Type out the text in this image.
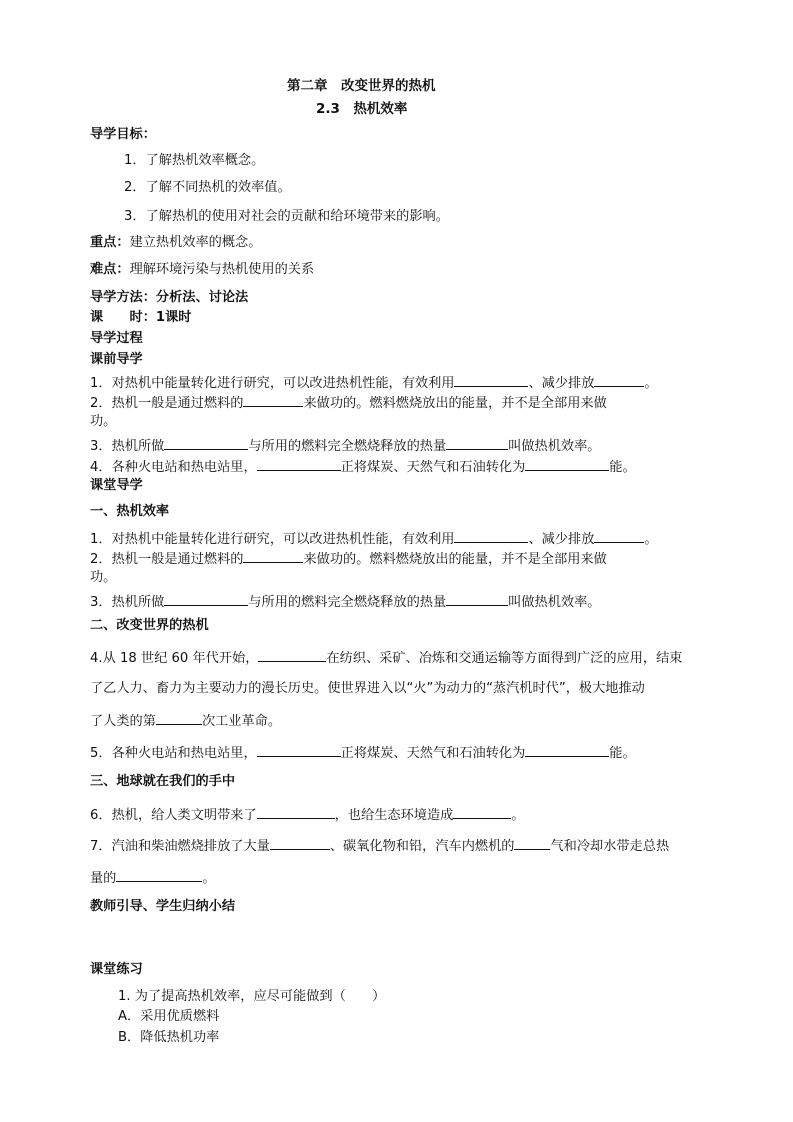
第二章　改变世界的热机
2.3　热机效率
导学目标：
1．了解热机效率概念。
2．了解不同热机的效率值。
3．了解热机的使用对社会的贡献和给环境带来的影响。
重点：建立热机效率的概念。
难点：理解环境污染与热机使用的关系
导学方法：分析法、讨论法
课　　时：1课时
导学过程
课前导学
1．对热机中能量转化进行研究，可以改进热机性能，有效利用	、减少排放	。
2．热机一般是通过燃料的	来做功的。燃料燃烧放出的能量，并不是全部用来做
功。
3．热机所做	与所用的燃料完全燃烧释放的热量	叫做热机效率。
4．各种火电站和热电站里，	正将煤炭、天然气和石油转化为	能。
课堂导学
一、热机效率
1．对热机中能量转化进行研究，可以改进热机性能，有效利用	、减少排放	。
2．热机一般是通过燃料的	来做功的。燃料燃烧放出的能量，并不是全部用来做
功。
3．热机所做	与所用的燃料完全燃烧释放的热量	叫做热机效率。
二、改变世界的热机
4.从 18 世纪 60 年代开始，	在纺织、采矿、冶炼和交通运输等方面得到广泛的应用，结束
了乙人力、畜力为主要动力的漫长历史。使世界进入以“火”为动力的“蒸汽机时代”，极大地推动
了人类的第	次工业革命。
5．各种火电站和热电站里，	正将煤炭、天然气和石油转化为	能。
三、地球就在我们的手中
6．热机，给人类文明带来了	，也给生态环境造成	。
7．汽油和柴油燃烧排放了大量	、碳氧化物和铅，汽车内燃机的	气和冷却水带走总热
量的	。
教师引导、学生归纳小结
课堂练习
1. 为了提高热机效率，应尽可能做到（　　）
A．采用优质燃料
B．降低热机功率
